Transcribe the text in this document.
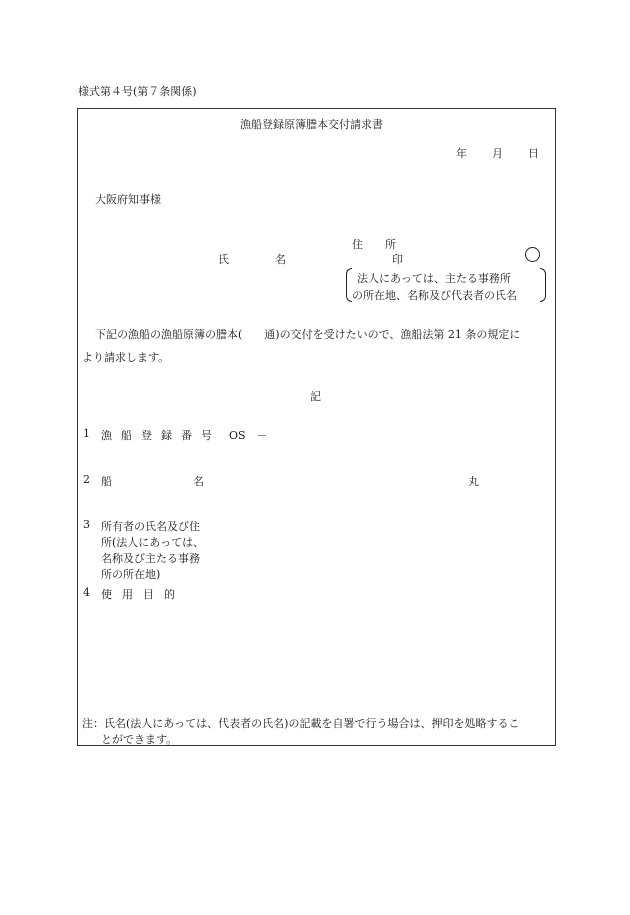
様式第４号(第７条関係)
漁船登録原簿謄本交付請求書
年 月 日
大阪府知事様
住　　所
氏	名	印
法人にあっては、主たる事務所
の所在地、名称及び代表者の氏名
下記の漁船の漁船原簿の謄本(　　通)の交付を受けたいので、漁船法第 21 条の規定に
より請求します。
記
1 漁船登録番号 OS　－
2 船	名	丸
3 所有者の氏名及び住
所(法人にあっては、
名称及び主たる事務
所の所在地)
4 使用目的
注：氏名(法人にあっては、代表者の氏名)の記載を自署で行う場合は、押印を処略するこ
とができます。
